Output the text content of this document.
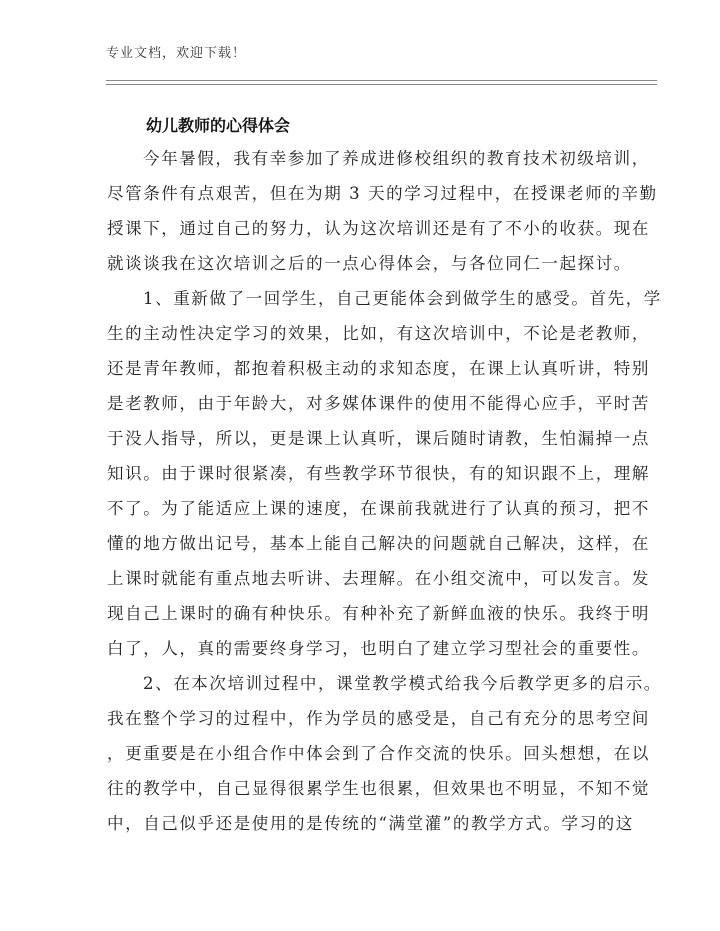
专业文档，欢迎下载！
幼儿教师的心得体会
今年暑假，我有幸参加了养成进修校组织的教育技术初级培训，
尽管条件有点艰苦，但在为期 3 天的学习过程中，在授课老师的辛勤
授课下，通过自己的努力，认为这次培训还是有了不小的收获。现在
就谈谈我在这次培训之后的一点心得体会，与各位同仁一起探讨。
1、重新做了一回学生，自己更能体会到做学生的感受。首先，学
生的主动性决定学习的效果，比如，有这次培训中，不论是老教师，
还是青年教师，都抱着积极主动的求知态度，在课上认真听讲，特别
是老教师，由于年龄大，对多媒体课件的使用不能得心应手，平时苦
于没人指导，所以，更是课上认真听，课后随时请教，生怕漏掉一点
知识。由于课时很紧凑，有些教学环节很快，有的知识跟不上，理解
不了。为了能适应上课的速度，在课前我就进行了认真的预习，把不
懂的地方做出记号，基本上能自己解决的问题就自己解决，这样，在
上课时就能有重点地去听讲、去理解。在小组交流中，可以发言。发
现自己上课时的确有种快乐。有种补充了新鲜血液的快乐。我终于明
白了，人，真的需要终身学习，也明白了建立学习型社会的重要性。
2、在本次培训过程中，课堂教学模式给我今后教学更多的启示。
我在整个学习的过程中，作为学员的感受是，自己有充分的思考空间
，更重要是在小组合作中体会到了合作交流的快乐。回头想想，在以
往的教学中，自己显得很累学生也很累，但效果也不明显，不知不觉
中，自己似乎还是使用的是传统的“满堂灌”的教学方式。学习的这
